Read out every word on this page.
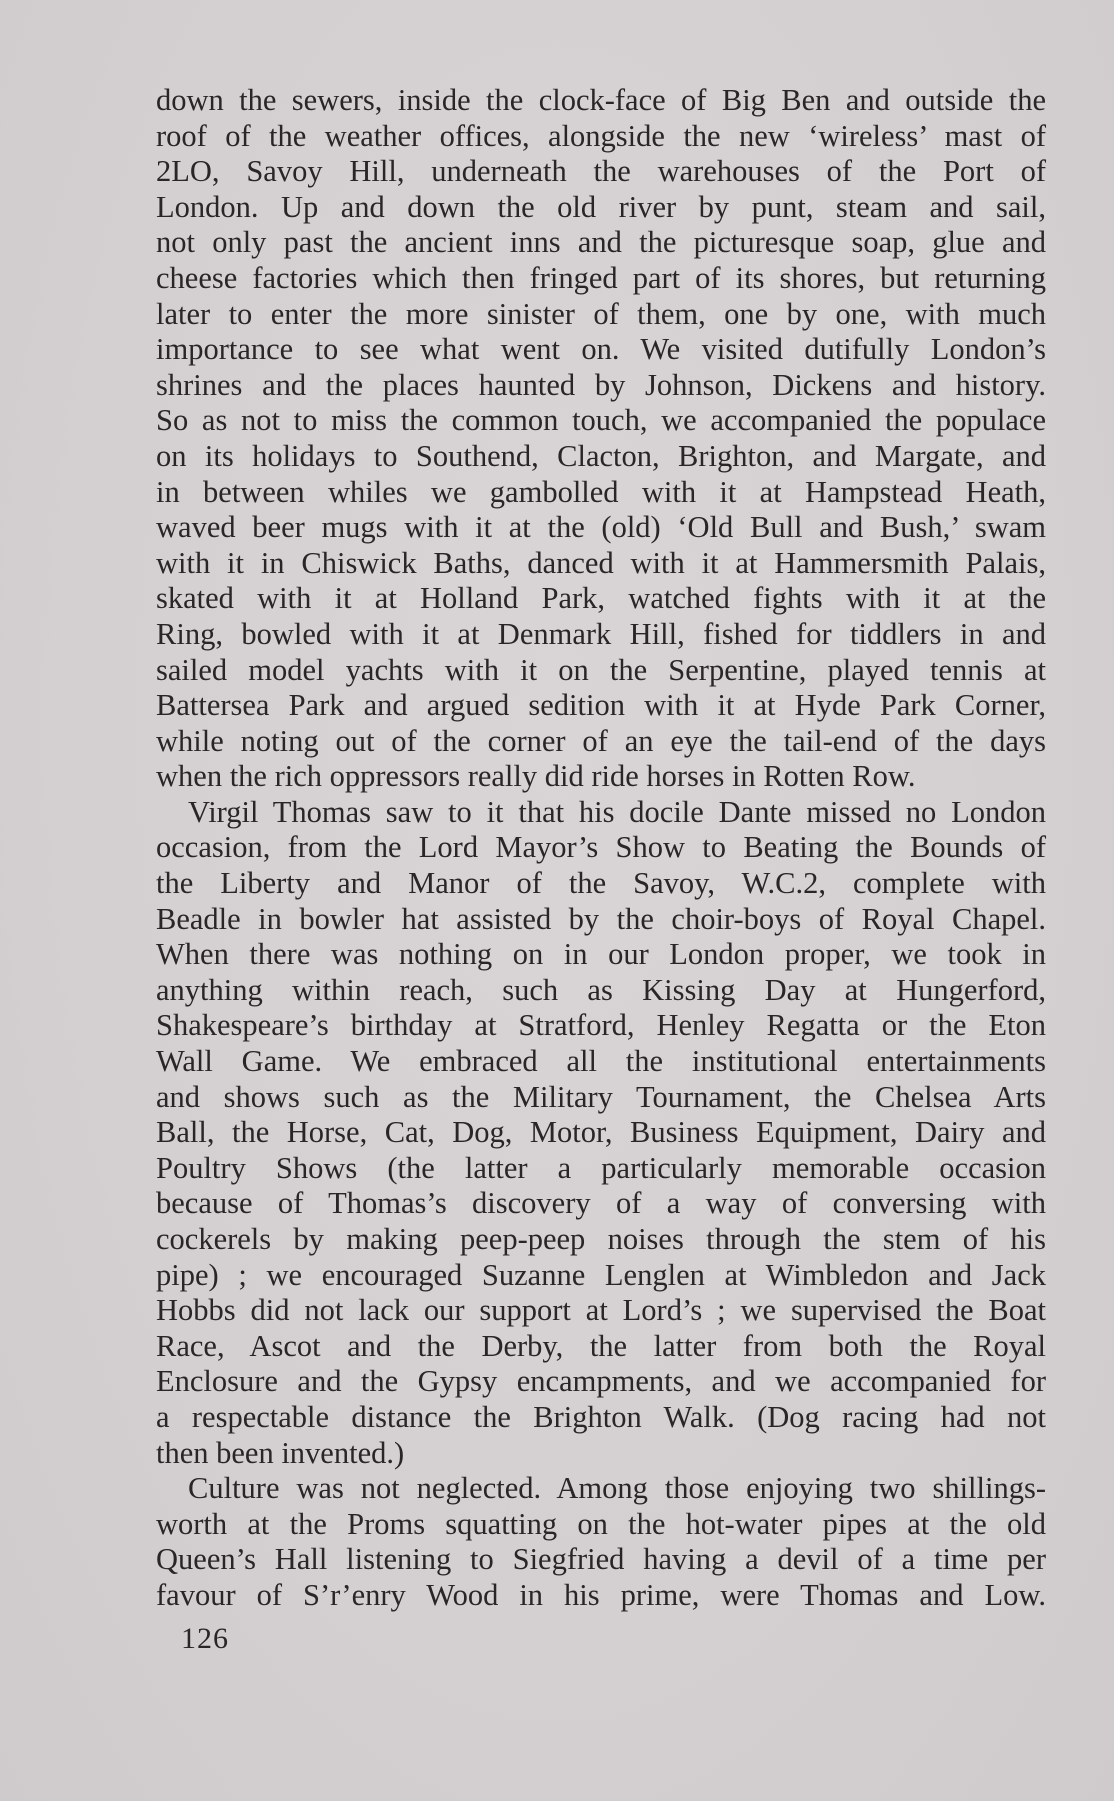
down the sewers, inside the clock-face of Big Ben and outside the
roof of the weather offices, alongside the new ‘wireless’ mast of
2LO, Savoy Hill, underneath the warehouses of the Port of
London. Up and down the old river by punt, steam and sail,
not only past the ancient inns and the picturesque soap, glue and
cheese factories which then fringed part of its shores, but returning
later to enter the more sinister of them, one by one, with much
importance to see what went on. We visited dutifully London’s
shrines and the places haunted by Johnson, Dickens and history.
So as not to miss the common touch, we accompanied the populace
on its holidays to Southend, Clacton, Brighton, and Margate, and
in between whiles we gambolled with it at Hampstead Heath,
waved beer mugs with it at the (old) ‘Old Bull and Bush,’ swam
with it in Chiswick Baths, danced with it at Hammersmith Palais,
skated with it at Holland Park, watched fights with it at the
Ring, bowled with it at Denmark Hill, fished for tiddlers in and
sailed model yachts with it on the Serpentine, played tennis at
Battersea Park and argued sedition with it at Hyde Park Corner,
while noting out of the corner of an eye the tail-end of the days
when the rich oppressors really did ride horses in Rotten Row.
Virgil Thomas saw to it that his docile Dante missed no London
occasion, from the Lord Mayor’s Show to Beating the Bounds of
the Liberty and Manor of the Savoy, W.C.2, complete with
Beadle in bowler hat assisted by the choir-boys of Royal Chapel.
When there was nothing on in our London proper, we took in
anything within reach, such as Kissing Day at Hungerford,
Shakespeare’s birthday at Stratford, Henley Regatta or the Eton
Wall Game. We embraced all the institutional entertainments
and shows such as the Military Tournament, the Chelsea Arts
Ball, the Horse, Cat, Dog, Motor, Business Equipment, Dairy and
Poultry Shows (the latter a particularly memorable occasion
because of Thomas’s discovery of a way of conversing with
cockerels by making peep-peep noises through the stem of his
pipe) ; we encouraged Suzanne Lenglen at Wimbledon and Jack
Hobbs did not lack our support at Lord’s ; we supervised the Boat
Race, Ascot and the Derby, the latter from both the Royal
Enclosure and the Gypsy encampments, and we accompanied for
a respectable distance the Brighton Walk. (Dog racing had not
then been invented.)
Culture was not neglected. Among those enjoying two shillings-
worth at the Proms squatting on the hot-water pipes at the old
Queen’s Hall listening to Siegfried having a devil of a time per
favour of S’r’enry Wood in his prime, were Thomas and Low.
126
